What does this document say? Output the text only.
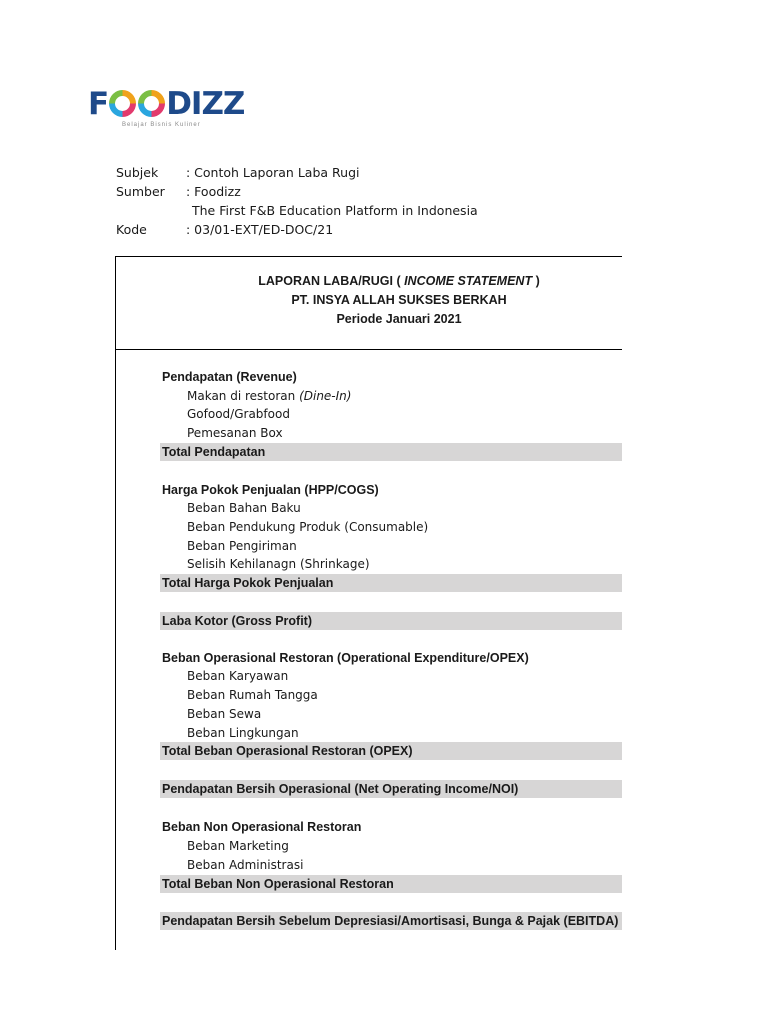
F DIZZ
Belajar Bisnis Kuliner
Subjek : Contoh Laporan Laba Rugi
Sumber : Foodizz
The First F&B Education Platform in Indonesia
Kode	: 03/01-EXT/ED-DOC/21
LAPORAN LABA/RUGI ( INCOME STATEMENT )
PT. INSYA ALLAH SUKSES BERKAH
Periode Januari 2021
Pendapatan (Revenue)
Makan di restoran (Dine-In)
Gofood/Grabfood
Pemesanan Box
Total Pendapatan
Harga Pokok Penjualan (HPP/COGS)
Beban Bahan Baku
Beban Pendukung Produk (Consumable)
Beban Pengiriman
Selisih Kehilanagn (Shrinkage)
Total Harga Pokok Penjualan
Laba Kotor (Gross Profit)
Beban Operasional Restoran (Operational Expenditure/OPEX)
Beban Karyawan
Beban Rumah Tangga
Beban Sewa
Beban Lingkungan
Total Beban Operasional Restoran (OPEX)
Pendapatan Bersih Operasional (Net Operating Income/NOI)
Beban Non Operasional Restoran
Beban Marketing
Beban Administrasi
Total Beban Non Operasional Restoran
Pendapatan Bersih Sebelum Depresiasi/Amortisasi, Bunga & Pajak (EBITDA)
